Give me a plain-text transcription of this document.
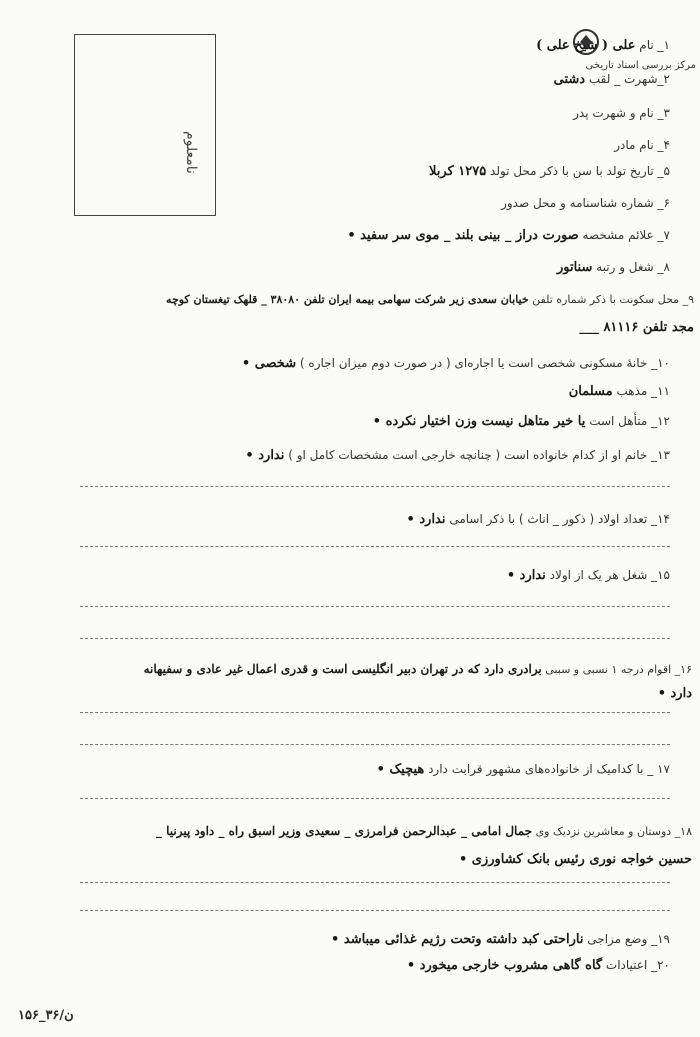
نامعلوم
مرکز بررسی اسناد تاریخی
۱_ نام علی ( شیخ علی )
۲_شهرت _ لقب دشتی
۳_ نام و شهرت پدر
۴_ نام مادر
۵_ تاریخ تولد با سن با ذکر محل تولد ۱۲۷۵ کربلا
۶_ شماره شناسنامه و محل صدور
۷_ علائم مشخصه صورت دراز _ بینی بلند _ موی سر سفید •
۸_ شغل و رتبه سناتور
۹_ محل سکونت با ذکر شماره تلفن خیابان سعدی زیر شرکت سهامی بیمه ایران تلفن ۳۸۰۸۰ _ قلهک تیغستان کوچه
مجد تلفن ۸۱۱۱۶ ___
۱۰_ خانهٔ مسکونی شخصی است یا اجاره‌ای ( در صورت دوم میزان اجاره ) شخصی •
۱۱_ مذهب مسلمان
۱۲_ متأهل است یا خیر متاهل نیست وزن اختیار نکرده •
۱۳_ خانم او از کدام خانواده است ( چنانچه خارجی است مشخصات کامل او ) ندارد •
۱۴_ تعداد اولاد ( ذکور _ اناث ) با ذکر اسامی ندارد •
۱۵_ شغل هر یک از اولاد ندارد •
۱۶_ اقوام درجه ۱ نسبی و سببی برادری دارد که در تهران دبیر انگلیسی است و قدری اعمال غیر عادی و سفیهانه
دارد •
۱۷ _ با کدامیک از خانواده‌های مشهور قرابت دارد هیچیک •
۱۸_ دوستان و معاشرین نزدیک وی جمال امامی _ عبدالرحمن فرامرزی _ سعیدی وزیر اسبق راه _ داود پیرنیا _
حسین خواجه نوری رئیس بانک کشاورزی •
۱۹_ وضع مزاجی ناراحتی کبد داشته وتحت رژیم غذائی میباشد •
۲۰_ اعتیادات گاه گاهی مشروب خارجی میخورد •
۱۵۶_۳۶/ن
